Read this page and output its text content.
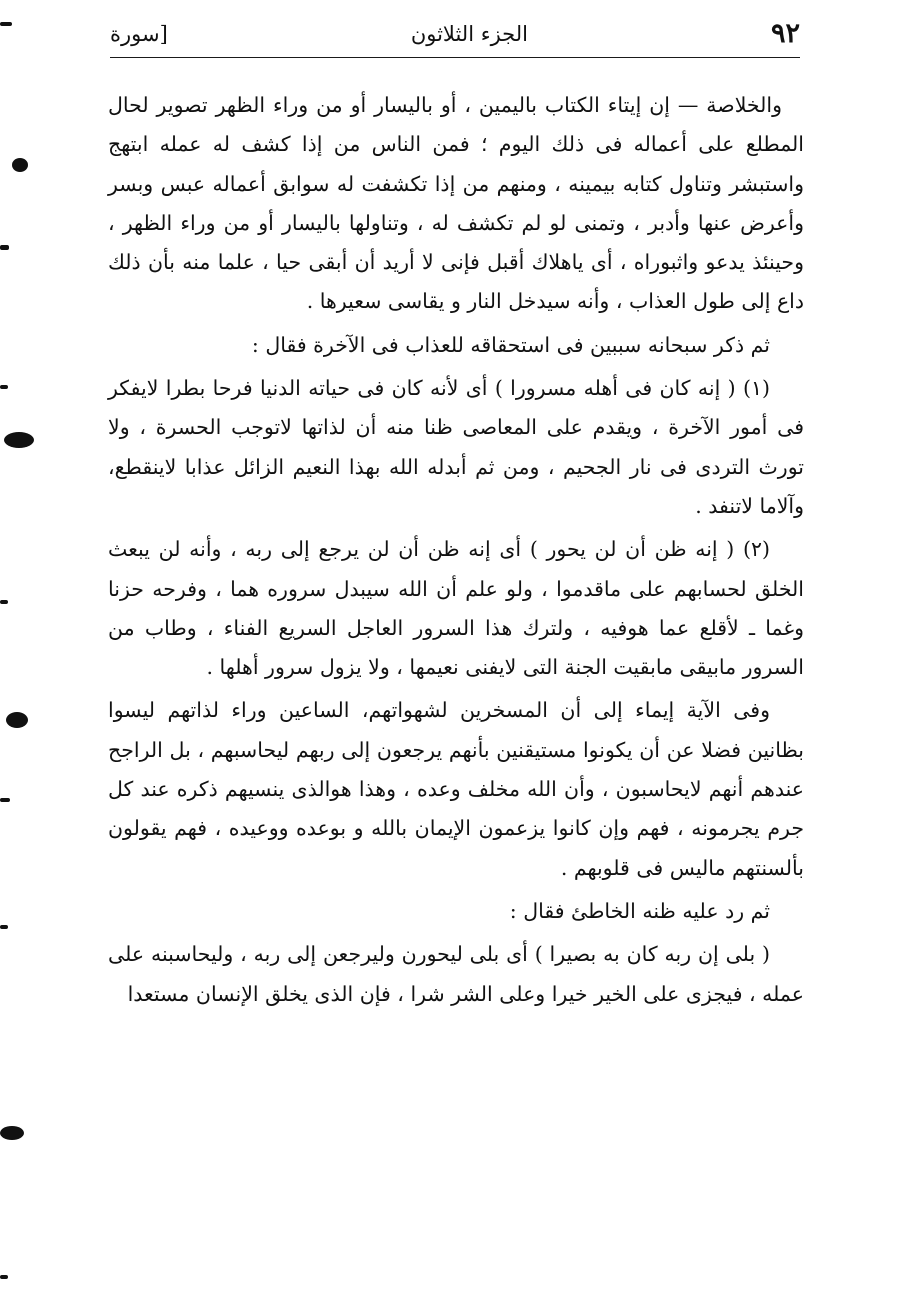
٩٢
الجزء الثلاثون
[سورة

والخلاصة — إن إيتاء الكتاب باليمين ، أو باليسار أو من وراء الظهر تصوير لحال المطلع على أعماله فى ذلك اليوم ؛ فمن الناس من إذا كشف له عمله ابتهج واستبشر وتناول كتابه بيمينه ، ومنهم من إذا تكشفت له سوابق أعماله عبس وبسر وأعرض عنها وأدبر ، وتمنى لو لم تكشف له ، وتناولها باليسار أو من وراء الظهر ، وحينئذ يدعو واثبوراه ، أى ياهلاك أقبل فإنى لا أريد أن أبقى حيا ، علما منه بأن ذلك داع إلى طول العذاب ، وأنه سيدخل النار و يقاسى سعيرها .

ثم ذكر سبحانه سببين فى استحقاقه للعذاب فى الآخرة فقال :

(١) ( إنه كان فى أهله مسرورا ) أى لأنه كان فى حياته الدنيا فرحا بطرا لايفكر فى أمور الآخرة ، ويقدم على المعاصى ظنا منه أن لذاتها لاتوجب الحسرة ، ولا تورث التردى فى نار الجحيم ، ومن ثم أبدله الله بهذا النعيم الزائل عذابا لاينقطع، وآلاما لاتنفد .

(٢) ( إنه ظن أن لن يحور ) أى إنه ظن أن لن يرجع إلى ربه ، وأنه لن يبعث الخلق لحسابهم على ماقدموا ، ولو علم أن الله سيبدل سروره هما ، وفرحه حزنا وغما ـ لأقلع عما هوفيه ، ولترك هذا السرور العاجل السريع الفناء ، وطاب من السرور مابيقى مابقيت الجنة التى لايفنى نعيمها ، ولا يزول سرور أهلها .

وفى الآية إيماء إلى أن المسخرين لشهواتهم، الساعين وراء لذاتهم ليسوا بظانين فضلا عن أن يكونوا مستيقنين بأنهم يرجعون إلى ربهم ليحاسبهم ، بل الراجح عندهم أنهم لايحاسبون ، وأن الله مخلف وعده ، وهذا هوالذى ينسيهم ذكره عند كل جرم يجرمونه ، فهم وإن كانوا يزعمون الإيمان بالله و بوعده ووعيده ، فهم يقولون بألسنتهم ماليس فى قلوبهم .

ثم رد عليه ظنه الخاطئ فقال :

( بلى إن ربه كان به بصيرا ) أى بلى ليحورن وليرجعن إلى ربه ، وليحاسبنه على عمله ، فيجزى على الخير خيرا وعلى الشر شرا ، فإن الذى يخلق الإنسان مستعدا
